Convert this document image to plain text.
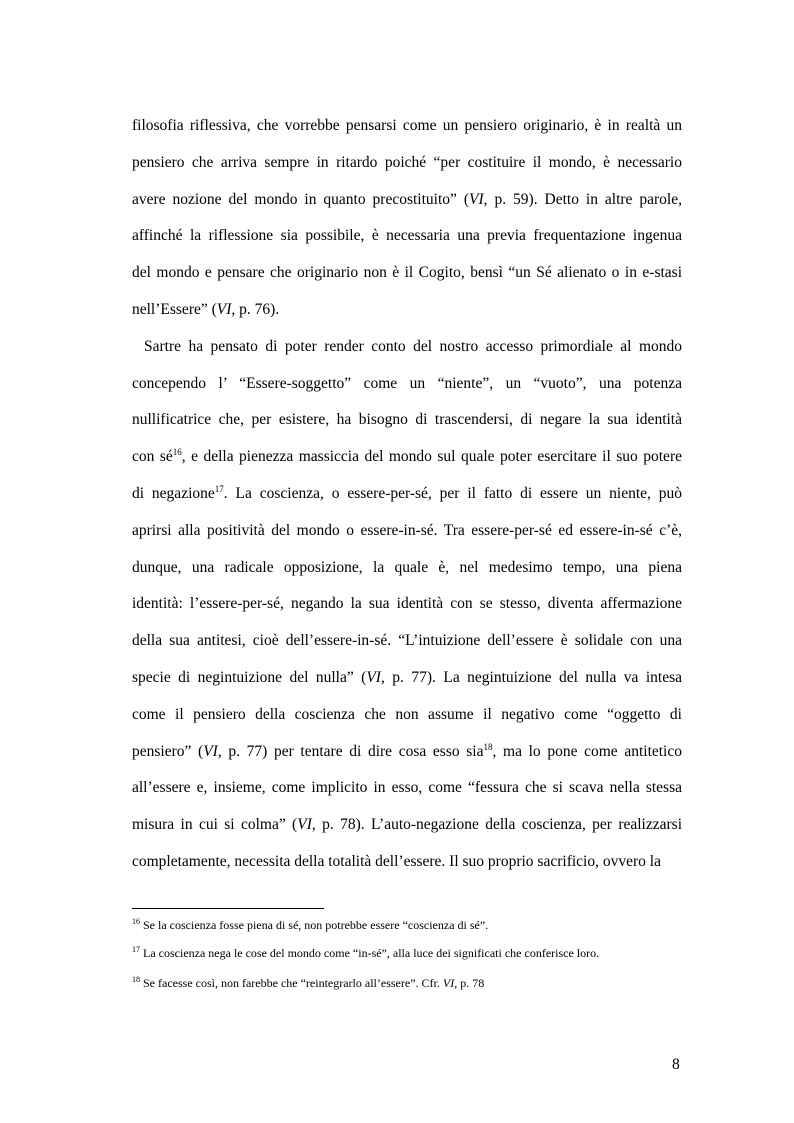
filosofia riflessiva, che vorrebbe pensarsi come un pensiero originario, è in realtà un
pensiero che arriva sempre in ritardo poiché “per costituire il mondo, è necessario
avere nozione del mondo in quanto precostituito” (VI, p. 59). Detto in altre parole,
affinché la riflessione sia possibile, è necessaria una previa frequentazione ingenua
del mondo e pensare che originario non è il Cogito, bensì “un Sé alienato o in e-stasi
nell’Essere” (VI, p. 76).
Sartre ha pensato di poter render conto del nostro accesso primordiale al mondo
concependo l’ “Essere-soggetto” come un “niente”, un “vuoto”, una potenza
nullificatrice che, per esistere, ha bisogno di trascendersi, di negare la sua identità
con $sé^{16}$, e della pienezza massiccia del mondo sul quale poter esercitare il suo potere
di negazione$^{17}$. La coscienza, o essere-per-sé, per il fatto di essere un niente, può
aprirsi alla positività del mondo o essere-in-sé. Tra essere-per-sé ed essere-in-sé c’è,
dunque, una radicale opposizione, la quale è, nel medesimo tempo, una piena
identità: l’essere-per-sé, negando la sua identità con se stesso, diventa affermazione
della sua antitesi, cioè dell’essere-in-sé. “L’intuizione dell’essere è solidale con una
specie di negintuizione del nulla” (VI, p. 77). La negintuizione del nulla va intesa
come il pensiero della coscienza che non assume il negativo come “oggetto di
pensiero” (VI, p. 77) per tentare di dire cosa esso sia$^{18}$, ma lo pone come antitetico
all’essere e, insieme, come implicito in esso, come “fessura che si scava nella stessa
misura in cui si colma” (VI, p. 78). L’auto-negazione della coscienza, per realizzarsi
completamente, necessita della totalità dell’essere. Il suo proprio sacrificio, ovvero la
$^{16}$ Se la coscienza fosse piena di sé, non potrebbe essere “coscienza di sé”.
$^{17}$ La coscienza nega le cose del mondo come “in-sé”, alla luce dei significati che conferisce loro.
$^{18}$ Se facesse così, non farebbe che “reintegrarlo all’essere”. Cfr. VI, p. 78
8
